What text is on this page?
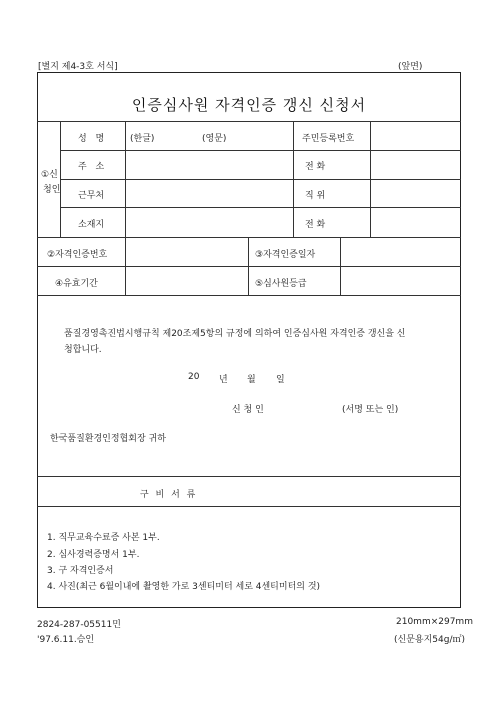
[별지 제4-3호 서식]	(앞면)
인증심사원 자격인증 갱신 신청서
①신
청인
성 명	(한글)	(영문)	주민등록번호
주 소	전 화
근무처	직 위
소재지	전 화
②자격인증번호	③자격인증일자
④유효기간	⑤심사원등급
품질경영촉진법시행규칙 제20조제5항의 규정에 의하여 인증심사원 자격인증 갱신을 신
청합니다.
20 년 월 일
신 청 인	(서명 또는 인)
한국품질환경인정협회장 귀하
구 비 서 류
1. 직무교육수료증 사본 1부.
2. 심사경력증명서 1부.
3. 구 자격인증서
4. 사진(최근 6월이내에 촬영한 가로 3센티미터 세로 4센티미터의 것)
2824-287-05511민
'97.6.11.승인
210mm×297mm
(신문용지54g/㎡)
